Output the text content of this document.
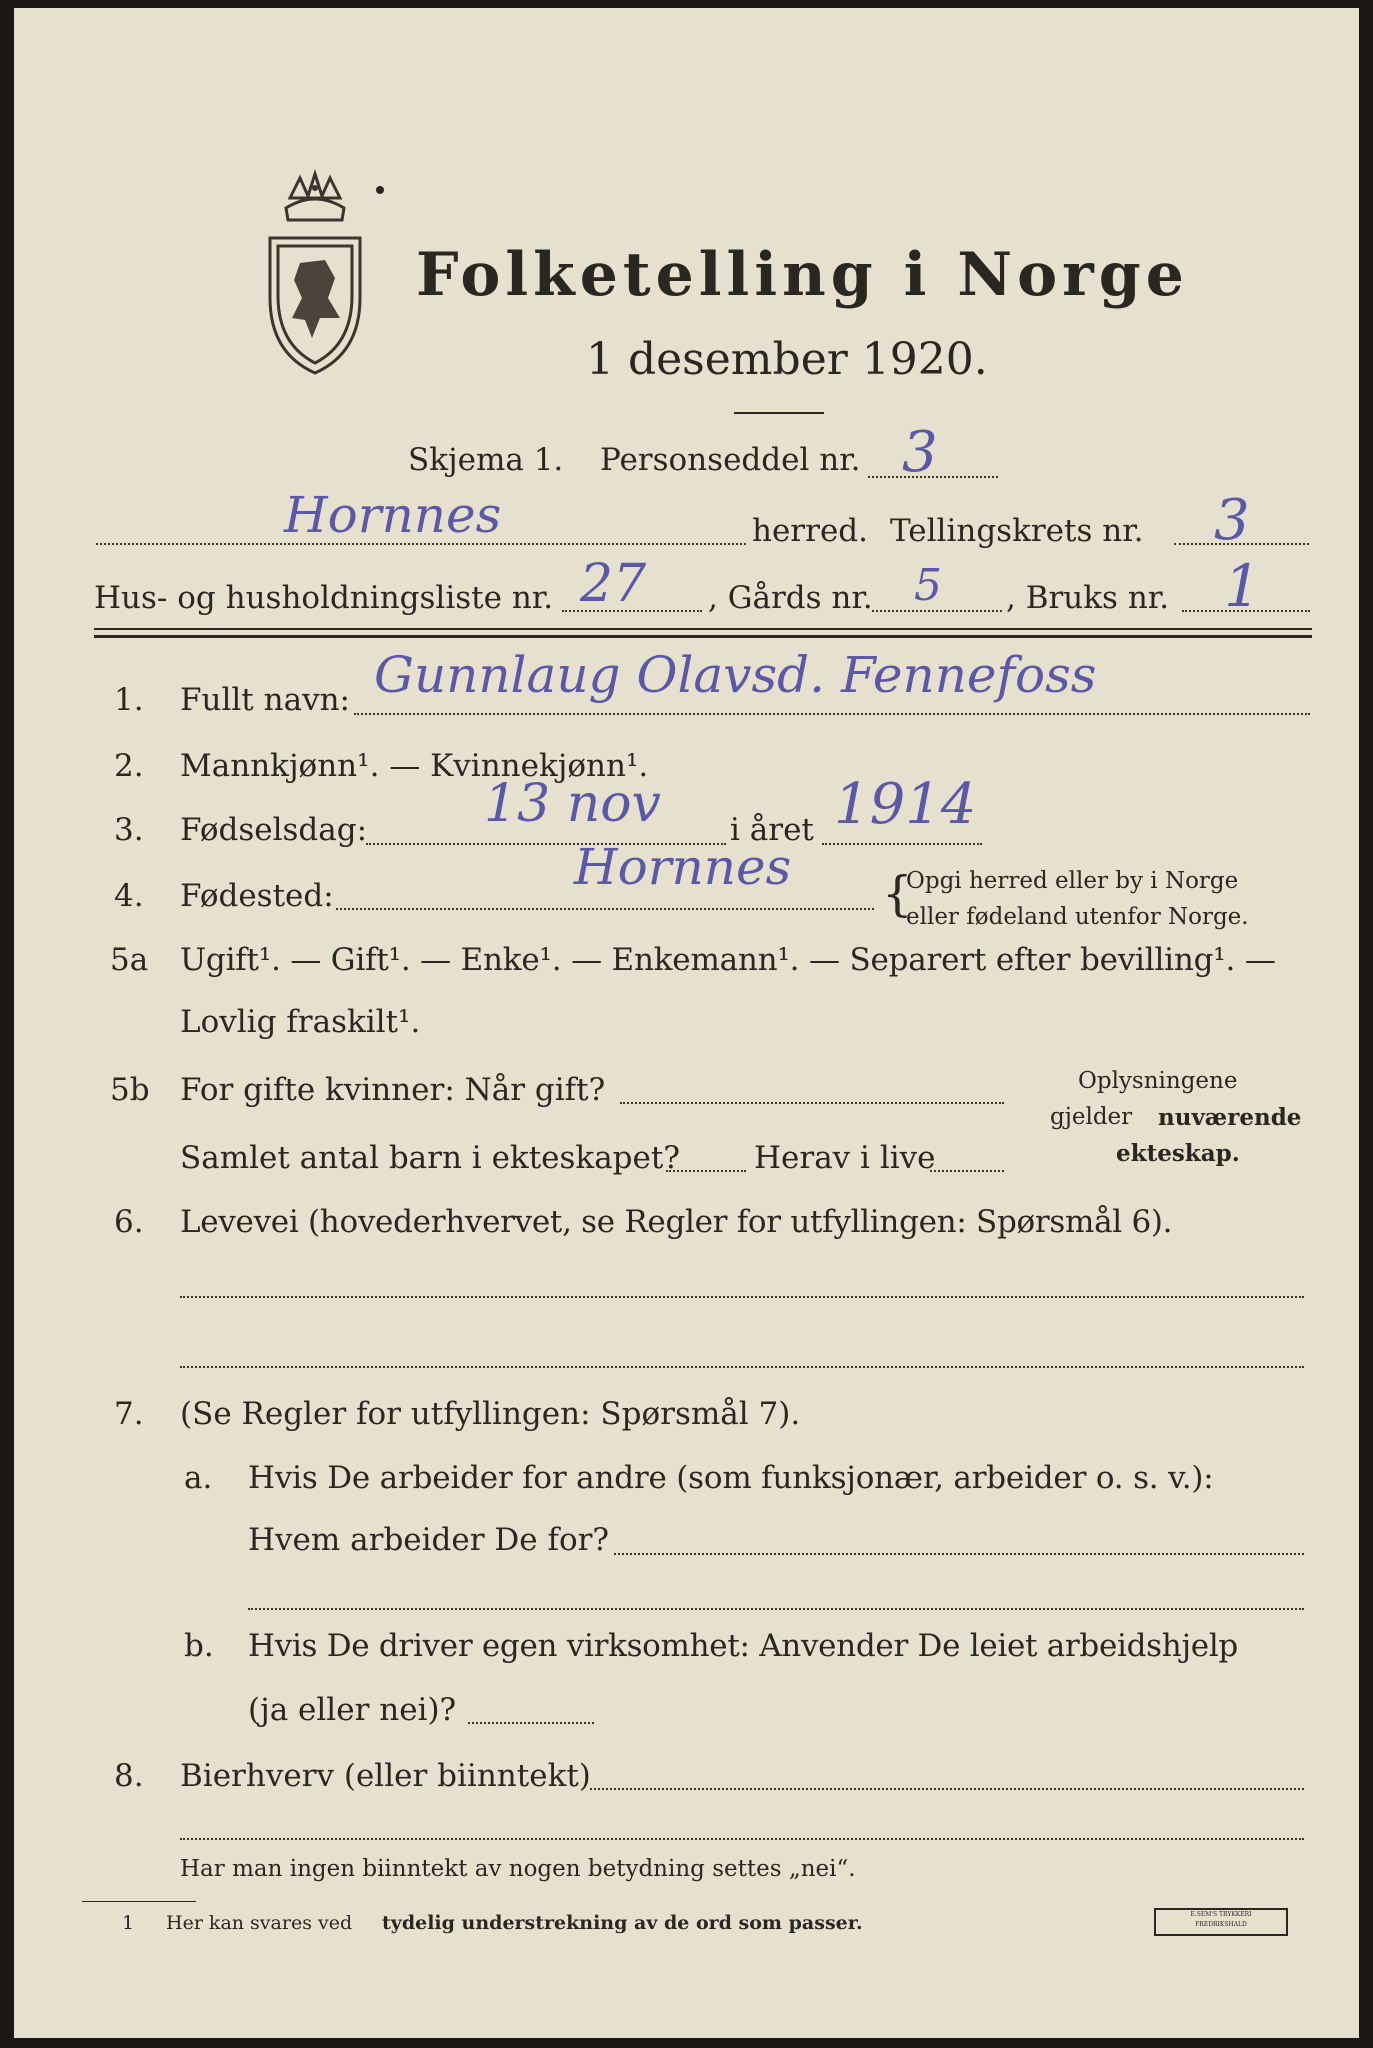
Folketelling i Norge
1 desember 1920.
Skjema 1. Personseddel nr. 3
Hornnes	herred. Tellingskrets nr. 3
Hus- og husholdningsliste nr. 27 , Gårds nr. 5 , Bruks nr. 1
1. Fullt navn: Gunnlaug Olavsd. Fennefoss
2. Mannkjønn¹. — Kvinnekjønn¹.
3. Fødselsdag: 13 nov i året 1914
4. Fødested:	Hornnes {
Opgi herred eller by i Norge
eller fødeland utenfor Norge.
5a Ugift¹. — Gift¹. — Enke¹. — Enkemann¹. — Separert efter bevilling¹. —
Lovlig fraskilt¹.
5b For gifte kvinner: Når gift?
Samlet antal barn i ekteskapet? Herav i live
Oplysningene
gjelder nuværende
ekteskap.
6. Levevei (hovederhvervet, se Regler for utfyllingen: Spørsmål 6).
7. (Se Regler for utfyllingen: Spørsmål 7).
a. Hvis De arbeider for andre (som funksjonær, arbeider o. s. v.):
Hvem arbeider De for?
b. Hvis De driver egen virksomhet: Anvender De leiet arbeidshjelp
(ja eller nei)?
8. Bierhverv (eller biinntekt)
Har man ingen biinntekt av nogen betydning settes „nei“.
1 Her kan svares ved tydelig understrekning av de ord som passer.	E.SEM'S TRYKKERI
FREDRIKSHALD
